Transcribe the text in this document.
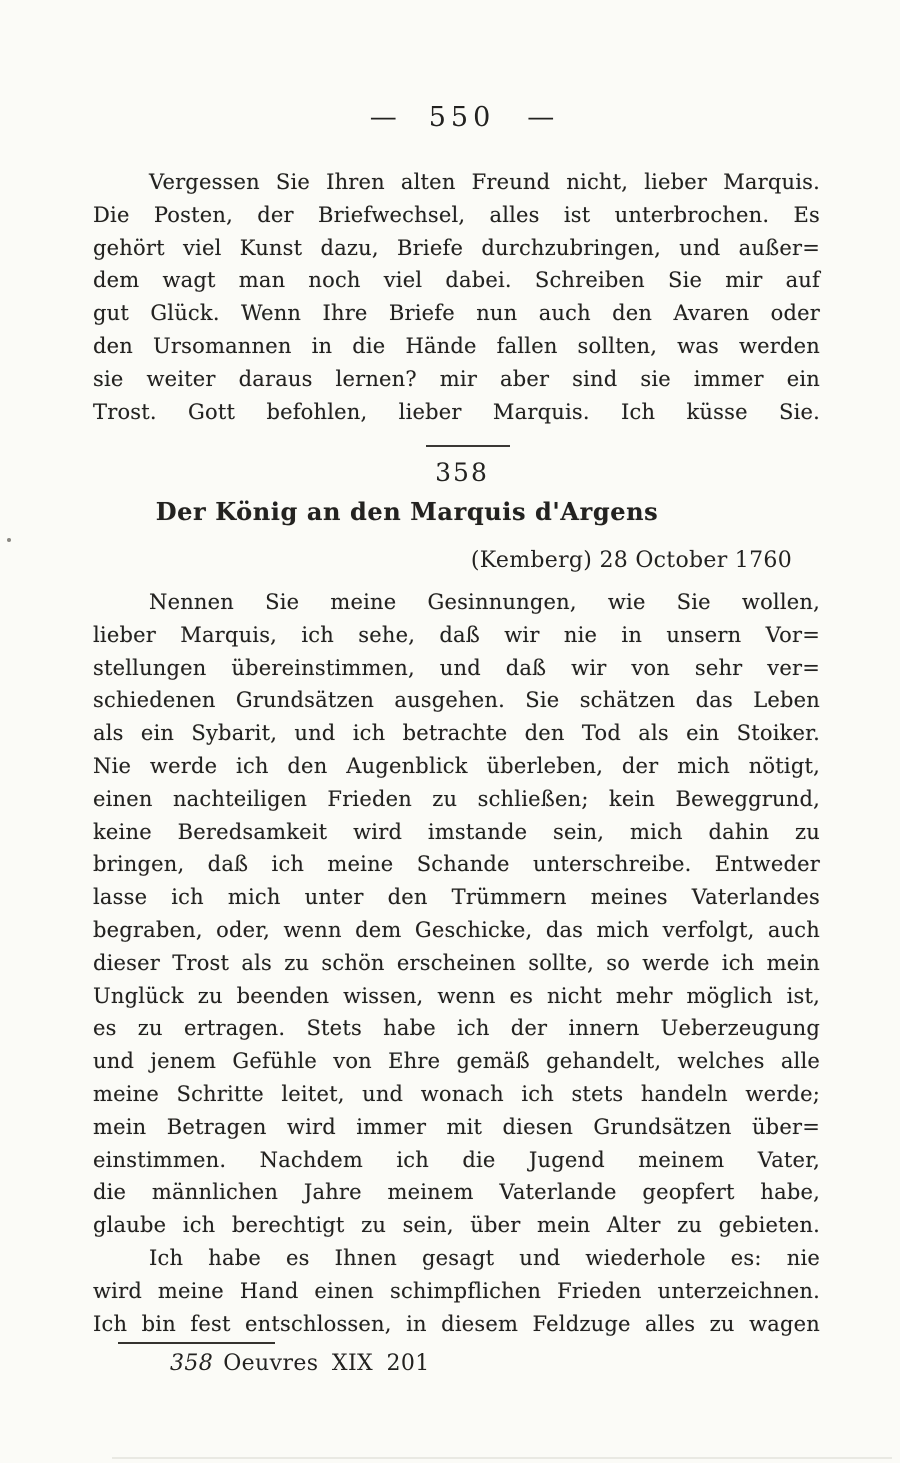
— 550 —
Vergessen Sie Ihren alten Freund nicht, lieber Marquis.
Die Posten, der Briefwechsel, alles ist unterbrochen. Es
gehört viel Kunst dazu, Briefe durchzubringen, und außer=
dem wagt man noch viel dabei. Schreiben Sie mir auf
gut Glück. Wenn Ihre Briefe nun auch den Avaren oder
den Ursomannen in die Hände fallen sollten, was werden
sie weiter daraus lernen? mir aber sind sie immer ein
Trost. Gott befohlen, lieber Marquis. Ich küsse Sie.
358
Der König an den Marquis d'Argens
(Kemberg) 28 October 1760
Nennen Sie meine Gesinnungen, wie Sie wollen,
lieber Marquis, ich sehe, daß wir nie in unsern Vor=
stellungen übereinstimmen, und daß wir von sehr ver=
schiedenen Grundsätzen ausgehen. Sie schätzen das Leben
als ein Sybarit, und ich betrachte den Tod als ein Stoiker.
Nie werde ich den Augenblick überleben, der mich nötigt,
einen nachteiligen Frieden zu schließen; kein Beweggrund,
keine Beredsamkeit wird imstande sein, mich dahin zu
bringen, daß ich meine Schande unterschreibe. Entweder
lasse ich mich unter den Trümmern meines Vaterlandes
begraben, oder, wenn dem Geschicke, das mich verfolgt, auch
dieser Trost als zu schön erscheinen sollte, so werde ich mein
Unglück zu beenden wissen, wenn es nicht mehr möglich ist,
es zu ertragen. Stets habe ich der innern Ueberzeugung
und jenem Gefühle von Ehre gemäß gehandelt, welches alle
meine Schritte leitet, und wonach ich stets handeln werde;
mein Betragen wird immer mit diesen Grundsätzen über=
einstimmen. Nachdem ich die Jugend meinem Vater,
die männlichen Jahre meinem Vaterlande geopfert habe,
glaube ich berechtigt zu sein, über mein Alter zu gebieten.
Ich habe es Ihnen gesagt und wiederhole es: nie
wird meine Hand einen schimpflichen Frieden unterzeichnen.
Ich bin fest entschlossen, in diesem Feldzuge alles zu wagen
358 Oeuvres XIX 201
